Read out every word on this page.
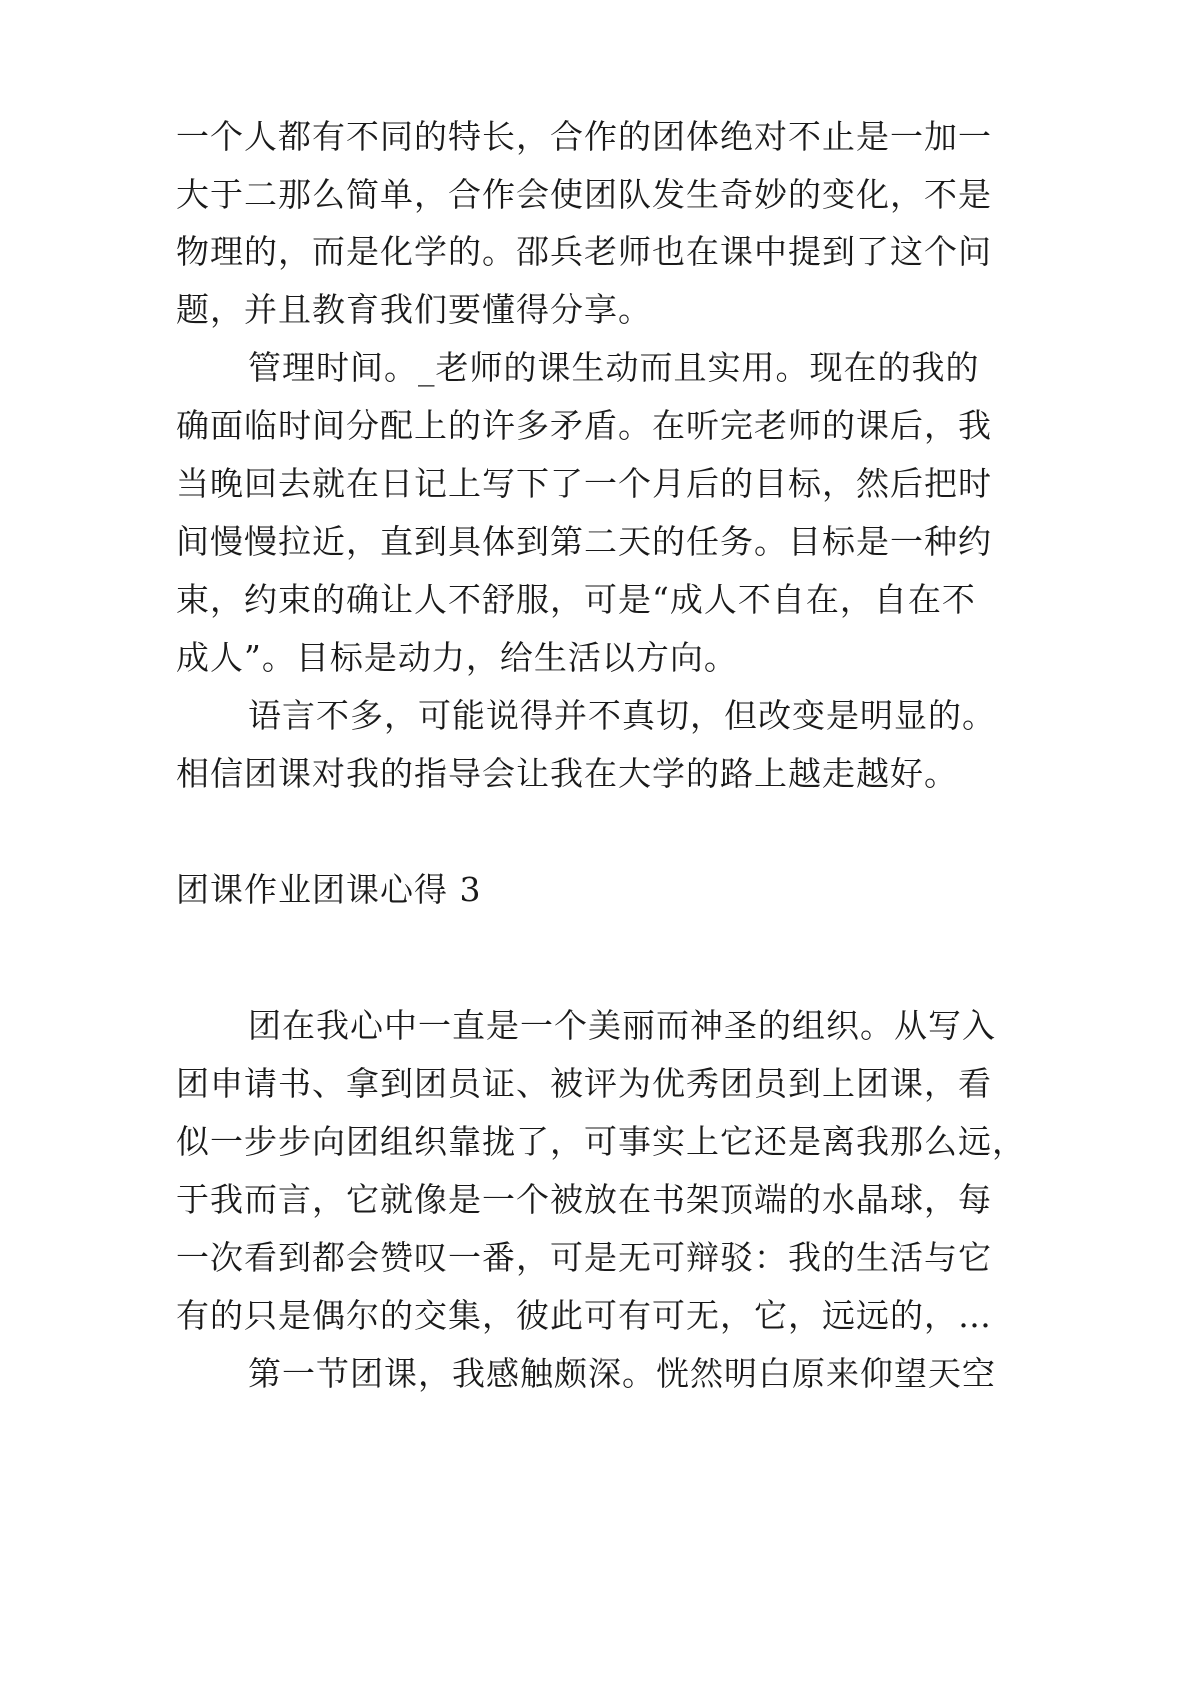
一个人都有不同的特长，合作的团体绝对不止是一加一
大于二那么简单，合作会使团队发生奇妙的变化，不是
物理的，而是化学的。邵兵老师也在课中提到了这个问
题，并且教育我们要懂得分享。
管理时间。_老师的课生动而且实用。现在的我的
确面临时间分配上的许多矛盾。在听完老师的课后，我
当晚回去就在日记上写下了一个月后的目标，然后把时
间慢慢拉近，直到具体到第二天的任务。目标是一种约
束，约束的确让人不舒服，可是“成人不自在，自在不
成人”。目标是动力，给生活以方向。
语言不多，可能说得并不真切，但改变是明显的。
相信团课对我的指导会让我在大学的路上越走越好。
团课作业团课心得 3
团在我心中一直是一个美丽而神圣的组织。从写入
团申请书、拿到团员证、被评为优秀团员到上团课，看
似一步步向团组织靠拢了，可事实上它还是离我那么远，
于我而言，它就像是一个被放在书架顶端的水晶球，每
一次看到都会赞叹一番，可是无可辩驳：我的生活与它
有的只是偶尔的交集，彼此可有可无，它，远远的，…
第一节团课，我感触颇深。恍然明白原来仰望天空
